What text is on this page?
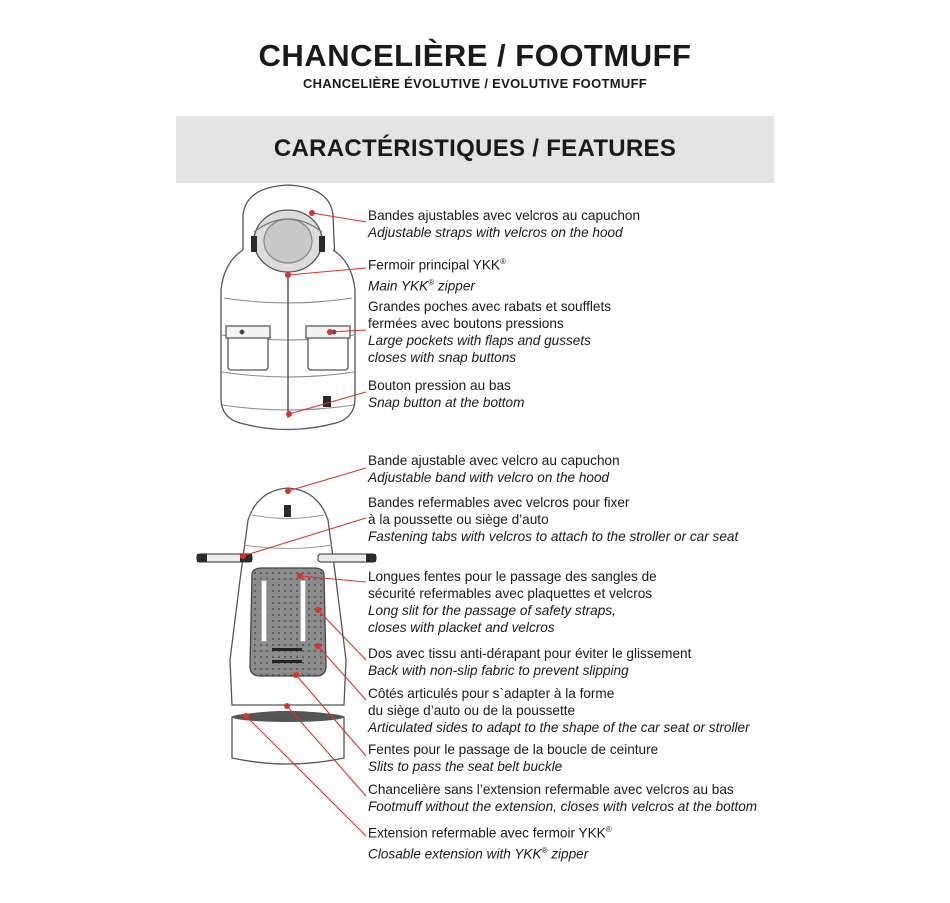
CHANCELIÈRE / FOOTMUFF
CHANCELIÈRE ÉVOLUTIVE / EVOLUTIVE FOOTMUFF
CARACTÉRISTIQUES / FEATURES
Bandes ajustables avec velcros au capuchon
Adjustable straps with velcros on the hood
Fermoir principal YKK®
Main YKK® zipper
Grandes poches avec rabats et soufflets
fermées avec boutons pressions
Large pockets with flaps and gussets
closes with snap buttons
Bouton pression au bas
Snap button at the bottom
Bande ajustable avec velcro au capuchon
Adjustable band with velcro on the hood
Bandes refermables avec velcros pour fixer
à la poussette ou siège d’auto
Fastening tabs with velcros to attach to the stroller or car seat
Longues fentes pour le passage des sangles de
sécurité refermables avec plaquettes et velcros
Long slit for the passage of safety straps,
closes with placket and velcros
Dos avec tissu anti-dérapant pour éviter le glissement
Back with non-slip fabric to prevent slipping
Côtés articulés pour s`adapter à la forme
du siège d’auto ou de la poussette
Articulated sides to adapt to the shape of the car seat or stroller
Fentes pour le passage de la boucle de ceinture
Slits to pass the seat belt buckle
Chancelière sans l’extension refermable avec velcros au bas
Footmuff without the extension, closes with velcros at the bottom
Extension refermable avec fermoir YKK®
Closable extension with YKK® zipper
